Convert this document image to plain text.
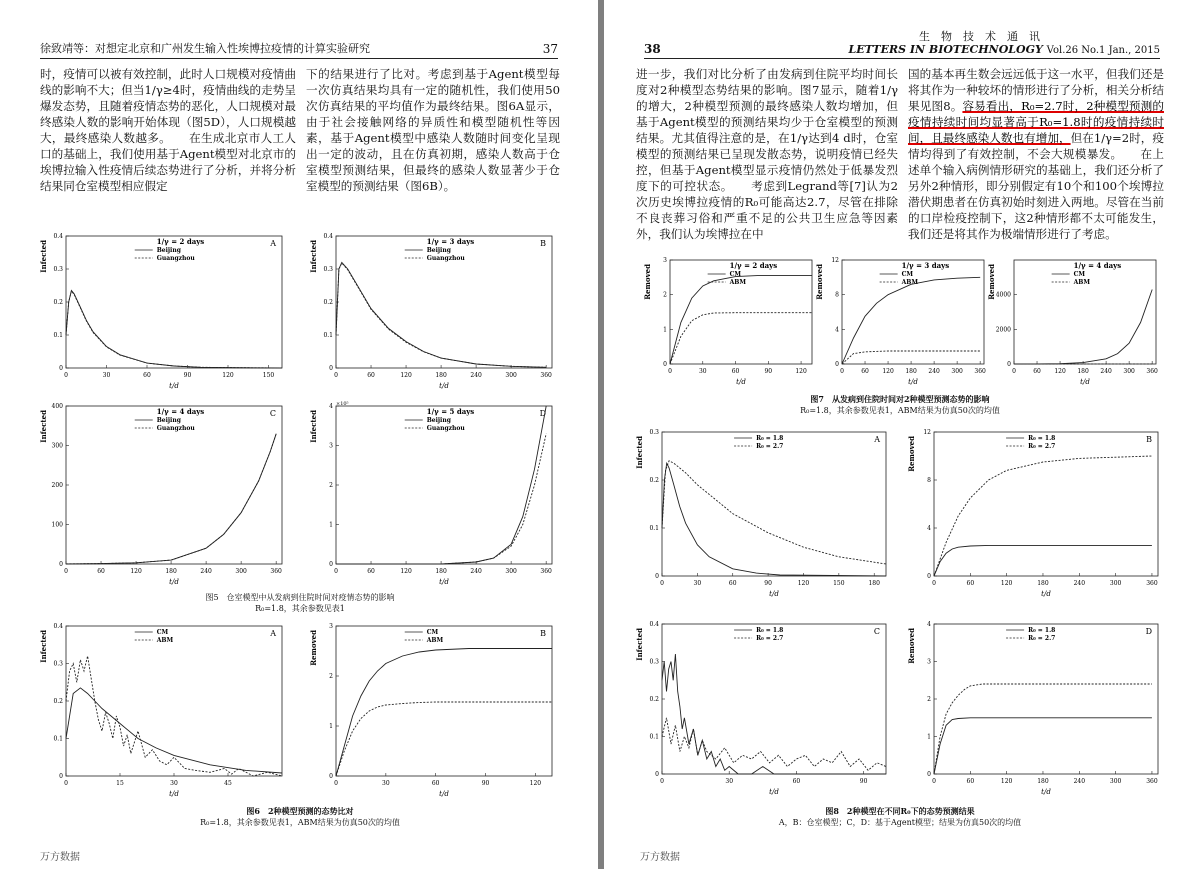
徐致靖等：对想定北京和广州发生输入性埃博拉疫情的计算实验研究	37
时，疫情可以被有效控制，此时人口规模对疫情曲线的影响不大；但当1/γ≥4时，疫情曲线的走势呈爆发态势，且随着疫情态势的恶化，人口规模对最终感染人数的影响开始体现（图5D），人口规模越大，最终感染人数越多。　　在生成北京市人工人口的基础上，我们使用基于Agent模型对北京市的埃博拉输入性疫情后续态势进行了分析，并将分析结果同仓室模型相应假定
下的结果进行了比对。考虑到基于Agent模型每一次仿真结果均具有一定的随机性，我们使用50次仿真结果的平均值作为最终结果。图6A显示，由于社会接触网络的异质性和模型随机性等因素，基于Agent模型中感染人数随时间变化呈现出一定的波动，且在仿真初期，感染人数高于仓室模型预测结果，但最终的感染人数显著少于仓室模型的预测结果（图6B）。
0	30	60	90	120	150
0
0.1
0.2
0.3
0.4
t/d
Infected	A
1/γ = 2 days
Beijing
Guangzhou
0	60	120	180	240	300	360
0
0.1
0.2
0.3
0.4
t/d
Infected	B
1/γ = 3 days
Beijing
Guangzhou
0	60	120	180	240	300	360
0
100
200
300
400
t/d
Infected	C
1/γ = 4 days
Beijing
Guangzhou
0	60	120	180	240	300	360
0
1
2
3
4
t/d
Infected
×10⁵
D
1/γ = 5 days
Beijing
Guangzhou
图5　仓室模型中从发病到住院时间对疫情态势的影响
R₀=1.8，其余参数见表1
0	15	30	45
0
0.1
0.2
0.3
0.4
t/d
Infected	A
CM
ABM
0	30	60	90	120
0
1
2
3
t/d
Removed	B
CM
ABM
图6　2种模型预测的态势比对
R₀=1.8，其余参数见表1，ABM结果为仿真50次的均值
万方数据
38
生　物　技　术　通　讯
LETTERS IN BIOTECHNOLOGY Vol.26 No.1 Jan., 2015
进一步，我们对比分析了由发病到住院平均时间长度对2种模型态势结果的影响。图7显示，随着1/γ的增大，2种模型预测的最终感染人数均增加，但基于Agent模型的预测结果均少于仓室模型的预测结果。尤其值得注意的是，在1/γ达到4 d时，仓室模型的预测结果已呈现发散态势，说明疫情已经失控，但基于Agent模型显示疫情仍然处于低暴发烈度下的可控状态。　　考虑到Legrand等[7]认为2次历史埃博拉疫情的R₀可能高达2.7，尽管在排除不良丧葬习俗和严重不足的公共卫生应急等因素外，我们认为埃博拉在中
国的基本再生数会远远低于这一水平，但我们还是将其作为一种较坏的情形进行了分析，相关分析结果见图8。容易看出，R₀=2.7时，2种模型预测的疫情持续时间均显著高于R₀=1.8时的疫情持续时间，且最终感染人数也有增加，但在1/γ=2时，疫情均得到了有效控制，不会大规模暴发。　　在上述单个输入病例情形研究的基础上，我们还分析了另外2种情形，即分别假定有10个和100个埃博拉潜伏期患者在仿真初始时刻进入两地。尽管在当前的口岸检疫控制下，这2种情形都不太可能发生，我们还是将其作为极端情形进行了考虑。
0	30	60	90	120
0
1
2
3
t/d
Removed	1/γ = 2 days
CM
ABM
0	60 120 180 240 300 360
0
4
8
12
t/d
Removed	1/γ = 3 days
CM
ABM
0	60 120 180 240 300 360
0
2000
4000
t/d
Removed	1/γ = 4 days
CM
ABM
图7　从发病到住院时间对2种模型预测态势的影响
R₀=1.8，其余参数见表1，ABM结果为仿真50次的均值
0	30	60	90	120	150	180
0
0.1
0.2
0.3
t/d
Infected	A
R₀ = 1.8
R₀ = 2.7
0	60	120	180	240	300	360
0
4
8
12
t/d
Removed	B
R₀ = 1.8
R₀ = 2.7
0	30	60	90
0
0.1
0.2
0.3
0.4
t/d
Infected	C
R₀ = 1.8
R₀ = 2.7
0	60	120	180	240	300	360
0
1
2
3
4
t/d
Removed	D
R₀ = 1.8
R₀ = 2.7
图8　2种模型在不同R₀下的态势预测结果
A，B：仓室模型；C，D：基于Agent模型；结果为仿真50次的均值
万方数据
